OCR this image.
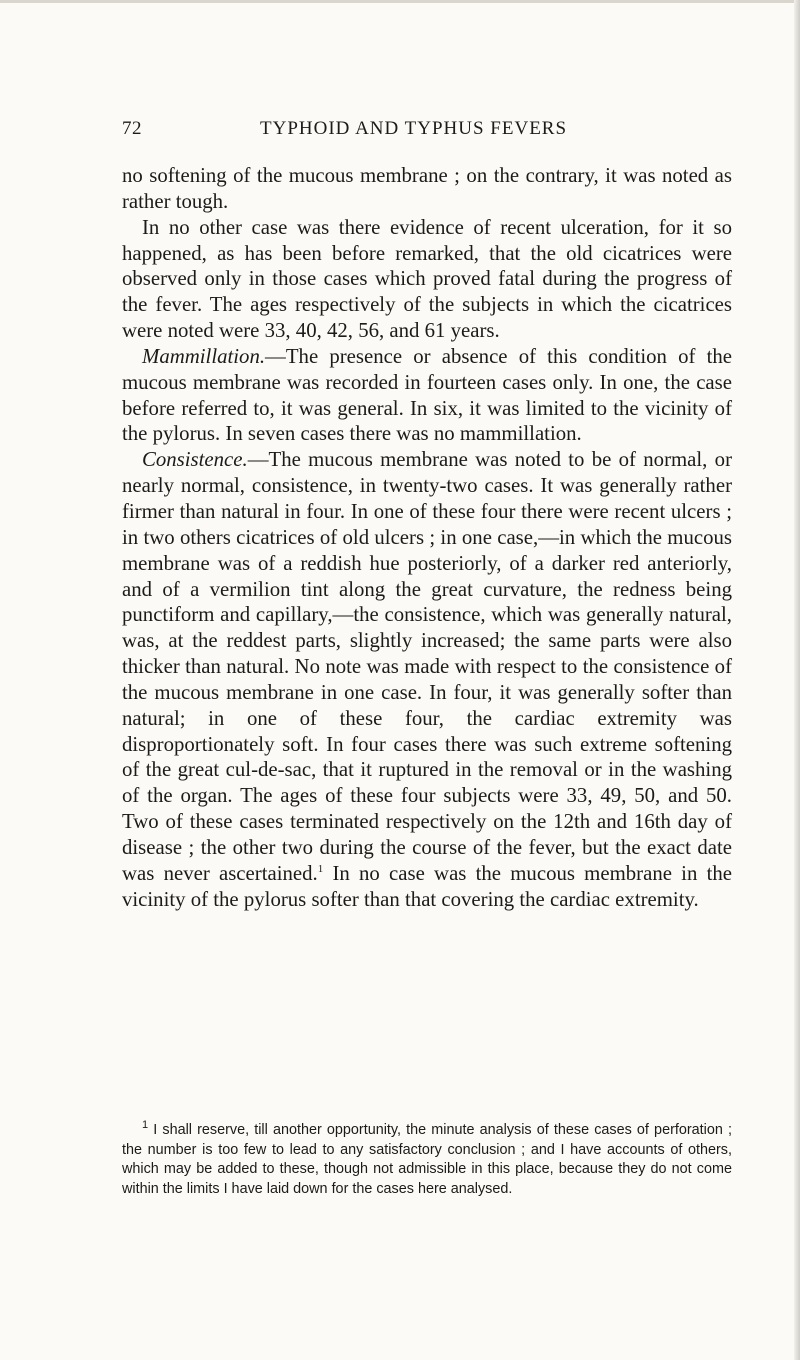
72	TYPHOID AND TYPHUS FEVERS

no softening of the mucous membrane ; on the contrary, it was noted as rather tough.

In no other case was there evidence of recent ulceration, for it so happened, as has been before remarked, that the old cicatrices were observed only in those cases which proved fatal during the progress of the fever. The ages respectively of the subjects in which the cicatrices were noted were 33, 40, 42, 56, and 61 years.

Mammillation.—The presence or absence of this condition of the mucous membrane was recorded in fourteen cases only. In one, the case before referred to, it was general. In six, it was limited to the vicinity of the pylorus. In seven cases there was no mammillation.

Consistence.—The mucous membrane was noted to be of normal, or nearly normal, consistence, in twenty-two cases. It was generally rather firmer than natural in four. In one of these four there were recent ulcers ; in two others cicatrices of old ulcers ; in one case,—in which the mucous membrane was of a reddish hue posteriorly, of a darker red anteriorly, and of a vermilion tint along the great curvature, the redness being punctiform and capillary,—the consistence, which was generally natural, was, at the reddest parts, slightly increased; the same parts were also thicker than natural. No note was made with respect to the consistence of the mucous membrane in one case. In four, it was generally softer than natural; in one of these four, the cardiac extremity was disproportionately soft. In four cases there was such extreme softening of the great cul-de-sac, that it ruptured in the removal or in the washing of the organ. The ages of these four subjects were 33, 49, 50, and 50. Two of these cases terminated respectively on the 12th and 16th day of disease ; the other two during the course of the fever, but the exact date was never ascertained.$^1$ In no case was the mucous membrane in the vicinity of the pylorus softer than that covering the cardiac extremity.

$^1$ I shall reserve, till another opportunity, the minute analysis of these cases of perforation ; the number is too few to lead to any satisfactory conclusion ; and I have accounts of others, which may be added to these, though not admissible in this place, because they do not come within the limits I have laid down for the cases here analysed.
